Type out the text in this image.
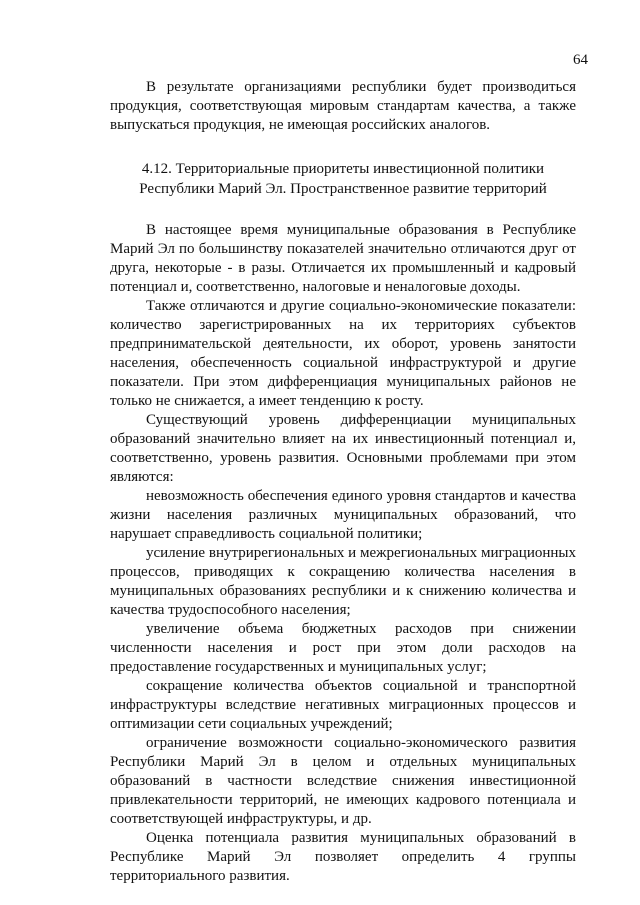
64

В результате организациями республики будет производиться продукция, соответствующая мировым стандартам качества, а также выпускаться продукция, не имеющая российских аналогов.

4.12. Территориальные приоритеты инвестиционной политики
Республики Марий Эл. Пространственное развитие территорий

В настоящее время муниципальные образования в Республике Марий Эл по большинству показателей значительно отличаются друг от друга, некоторые - в разы. Отличается их промышленный и кадровый потенциал и, соответственно, налоговые и неналоговые доходы.

Также отличаются и другие социально-экономические показатели: количество зарегистрированных на их территориях субъектов предпринимательской деятельности, их оборот, уровень занятости населения, обеспеченность социальной инфраструктурой и другие показатели. При этом дифференциация муниципальных районов не только не снижается, а имеет тенденцию к росту.

Существующий уровень дифференциации муниципальных образований значительно влияет на их инвестиционный потенциал и, соответственно, уровень развития. Основными проблемами при этом являются:

невозможность обеспечения единого уровня стандартов и качества жизни населения различных муниципальных образований, что нарушает справедливость социальной политики;

усиление внутрирегиональных и межрегиональных миграционных процессов, приводящих к сокращению количества населения в муниципальных образованиях республики и к снижению количества и качества трудоспособного населения;

увеличение объема бюджетных расходов при снижении численности населения и рост при этом доли расходов на предоставление государственных и муниципальных услуг;

сокращение количества объектов социальной и транспортной инфраструктуры вследствие негативных миграционных процессов и оптимизации сети социальных учреждений;

ограничение возможности социально-экономического развития Республики Марий Эл в целом и отдельных муниципальных образований в частности вследствие снижения инвестиционной привлекательности территорий, не имеющих кадрового потенциала и соответствующей инфраструктуры, и др.

Оценка потенциала развития муниципальных образований в Республике Марий Эл позволяет определить 4 группы территориального развития.
